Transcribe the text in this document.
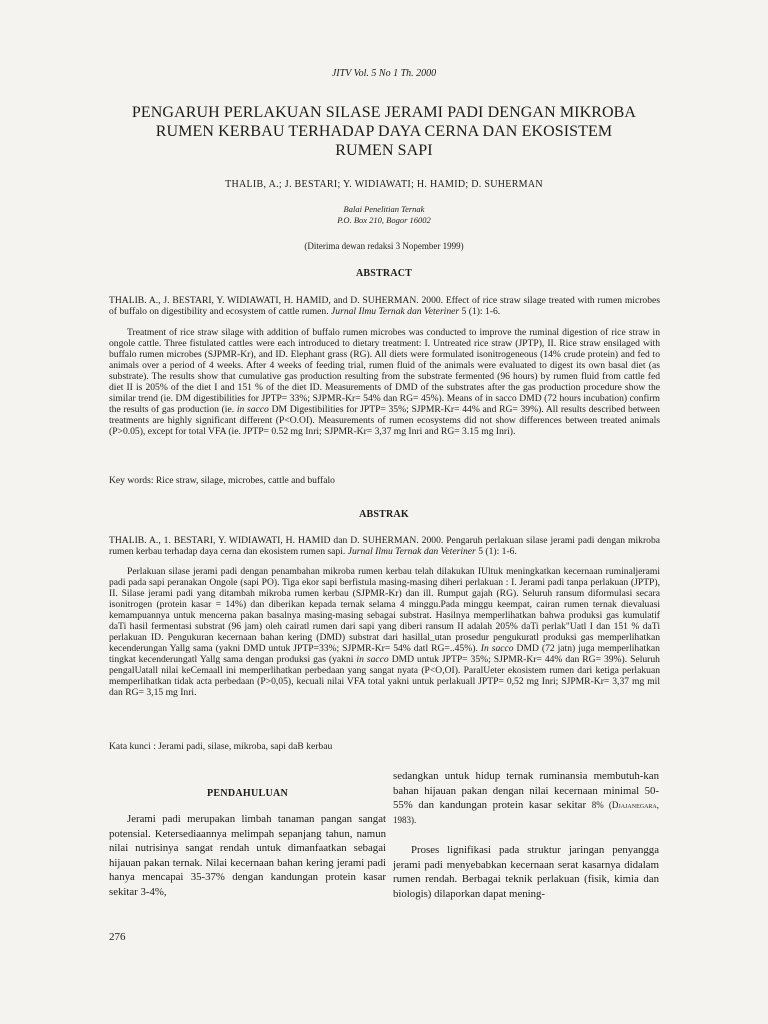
JITV Vol. 5 No 1 Th. 2000
PENGARUH PERLAKUAN SILASE JERAMI PADI DENGAN MIKROBA
RUMEN KERBAU TERHADAP DAYA CERNA DAN EKOSISTEM
RUMEN SAPI
THALIB, A.; J. BESTARI; Y. WIDIAWATI; H. HAMID; D. SUHERMAN
Balai Penelitian Ternak
P.O. Box 210, Bogor 16002
(Diterima dewan redaksi 3 Nopember 1999)
ABSTRACT
THALIB. A., J. BESTARI, Y. WIDIAWATI, H. HAMID, and D. SUHERMAN. 2000. Effect of rice straw silage treated with rumen microbes of buffalo on digestibility and ecosystem of cattle rumen. Jurnal Ilmu Ternak dan Veteriner 5 (1): 1-6.
Treatment of rice straw silage with addition of buffalo rumen microbes was conducted to improve the ruminal digestion of rice straw in ongole cattle. Three fistulated cattles were each introduced to dietary treatment: I. Untreated rice straw (JPTP), II. Rice straw ensilaged with buffalo rumen microbes (SJPMR-Kr), and ID. Elephant grass (RG). All diets were formulated isonitrogeneous (14% crude protein) and fed to animals over a period of 4 weeks. After 4 weeks of feeding trial, rumen fluid of the animals were evaluated to digest its own basal diet (as substrate). The results show that cumulative gas production resulting from the substrate fermented (96 hours) by rumen fluid from cattle fed diet II is 205% of the diet I and 151 % of the diet ID. Measurements of DMD of the substrates after the gas production procedure show the similar trend (ie. DM digestibilities for JPTP= 33%; SJPMR-Kr= 54% dan RG= 45%). Means of in sacco DMD (72 hours incubation) confirm the results of gas production (ie. in sacco DM Digestibilities for JPTP= 35%; SJPMR-Kr= 44% and RG= 39%). All results described between treatments are highly significant different (P<O.OI). Measurements of rumen ecosystems did not show differences between treated animals (P>0.05), except for total VFA (ie. JPTP= 0.52 mg Inri; SJPMR-Kr= 3,37 mg Inri and RG= 3.15 mg Inri).
Key words: Rice straw, silage, microbes, cattle and buffalo
ABSTRAK
THALIB. A., 1. BESTARI, Y. WIDIAWATI, H. HAMID dan D. SUHERMAN. 2000. Pengaruh perlakuan silase jerami padi dengan mikroba rumen kerbau terhadap daya cerna dan ekosistem rumen sapi. Jurnal Ilmu Ternak dan Veteriner 5 (1): 1-6.
Perlakuan silase jerami padi dengan penambahan mikroba rumen kerbau telah dilakukan IUltuk meningkatkan kecernaan ruminaljerami padi pada sapi peranakan Ongole (sapi PO). Tiga ekor sapi berfistula masing-masing diheri perlakuan : I. Jerami padi tanpa perlakuan (JPTP), II. Silase jerami padi yang ditambah mikroba rumen kerbau (SJPMR-Kr) dan ill. Rumput gajah (RG). Seluruh ransum diformulasi secara isonitrogen (protein kasar = 14%) dan diberikan kepada ternak selama 4 minggu.Pada minggu keempat, cairan rumen ternak dievaluasi kemampuannya untuk mencerna pakan basalnya masing-masing sebagai substrat. Hasilnya memperlihatkan bahwa produksi gas kumulatif daTi hasil fermentasi substrat (96 jam) oleh cairatl rumen dari sapi yang diberi ransum II adalah 205% daTi perlak"Uatl I dan 151 % daTi perlakuan ID. Pengukuran kecernaan bahan kering (DMD) substrat dari hasillal_utan prosedur pengukuratl produksi gas memperlihatkan kecenderungan Yallg sama (yakni DMD untuk JPTP=33%; SJPMR-Kr= 54% datl RG=..45%). In sacco DMD (72 jatn) juga memperlihatkan tingkat kecenderungatl Yallg sama dengan produksi gas (yakni in sacco DMD untuk JPTP= 35%; SJPMR-Kr= 44% dan RG= 39%). Seluruh pengalUatall nilai keCemaall ini memperlihatkan perbedaan yang sangat nyata (P<O,OI). ParalUeter ekosistem rumen dari ketiga perlakuan memperlihatkan tidak acta perbedaan (P>0,05), kecuali nilai VFA total yakni untuk perlakuall JPTP= 0,52 mg Inri; SJPMR-Kr= 3,37 mg mil dan RG= 3,15 mg Inri.
Kata kunci : Jerami padi, silase, mikroba, sapi daB kerbau
PENDAHULUAN
Jerami padi merupakan limbah tanaman pangan sangat potensial. Ketersediaannya melimpah sepanjang tahun, namun nilai nutrisinya sangat rendah untuk dimanfaatkan sebagai hijauan pakan ternak. Nilai kecernaan bahan kering jerami padi hanya mencapai 35-37% dengan kandungan protein kasar sekitar 3-4%,
sedangkan untuk hidup ternak ruminansia membutuh-kan bahan hijauan pakan dengan nilai kecernaan minimal 50-55% dan kandungan protein kasar sekitar 8% (Djajanegara, 1983).
Proses lignifikasi pada struktur jaringan penyangga jerami padi menyebabkan kecernaan serat kasarnya didalam rumen rendah. Berbagai teknik perlakuan (fisik, kimia dan biologis) dilaporkan dapat mening-
276
